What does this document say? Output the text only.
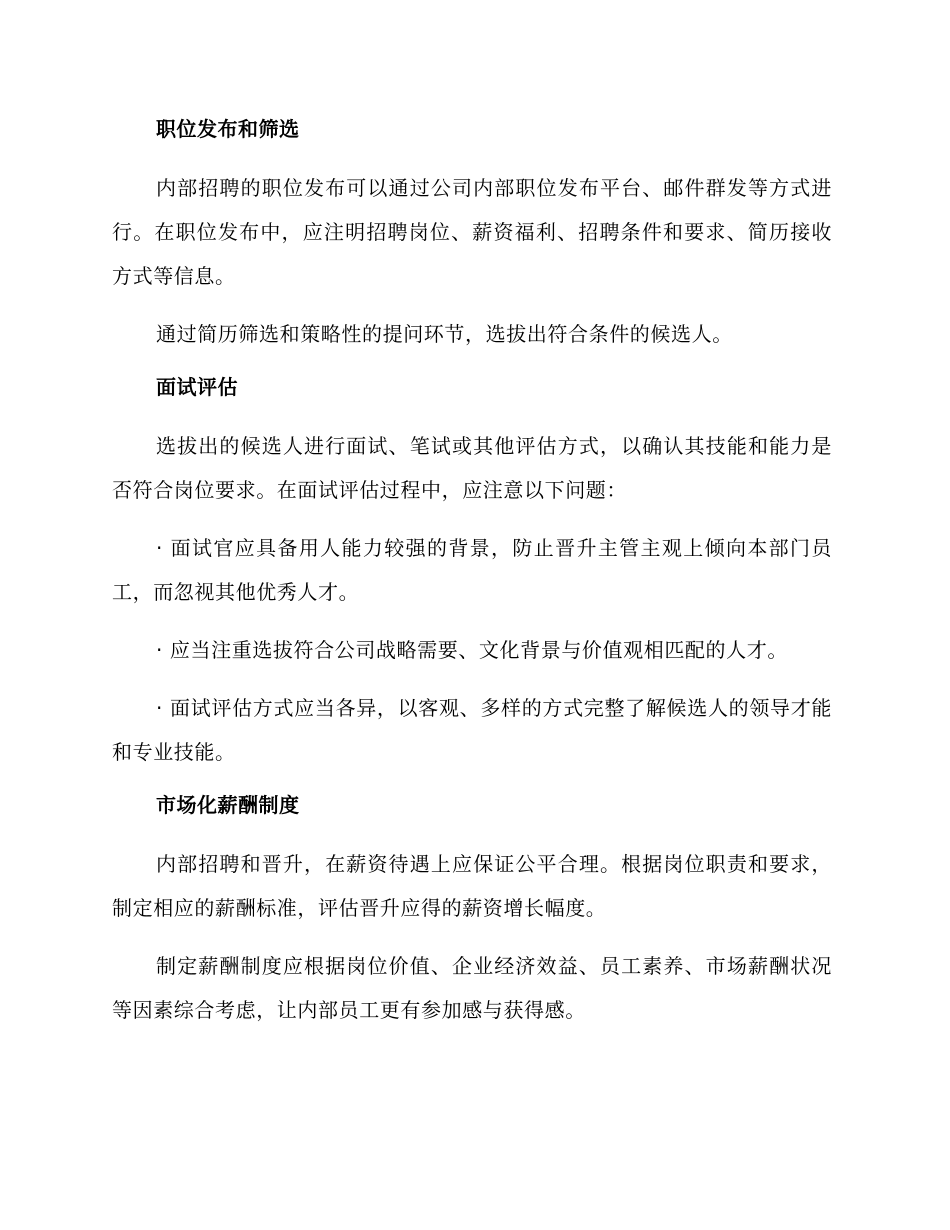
职位发布和筛选
内部招聘的职位发布可以通过公司内部职位发布平台、邮件群发等方式进行。在职位发布中，应注明招聘岗位、薪资福利、招聘条件和要求、简历接收方式等信息。
通过简历筛选和策略性的提问环节，选拔出符合条件的候选人。
面试评估
选拔出的候选人进行面试、笔试或其他评估方式，以确认其技能和能力是否符合岗位要求。在面试评估过程中，应注意以下问题：
· 面试官应具备用人能力较强的背景，防止晋升主管主观上倾向本部门员工，而忽视其他优秀人才。
· 应当注重选拔符合公司战略需要、文化背景与价值观相匹配的人才。
· 面试评估方式应当各异，以客观、多样的方式完整了解候选人的领导才能和专业技能。
市场化薪酬制度
内部招聘和晋升，在薪资待遇上应保证公平合理。根据岗位职责和要求，制定相应的薪酬标准，评估晋升应得的薪资增长幅度。
制定薪酬制度应根据岗位价值、企业经济效益、员工素养、市场薪酬状况等因素综合考虑，让内部员工更有参加感与获得感。
